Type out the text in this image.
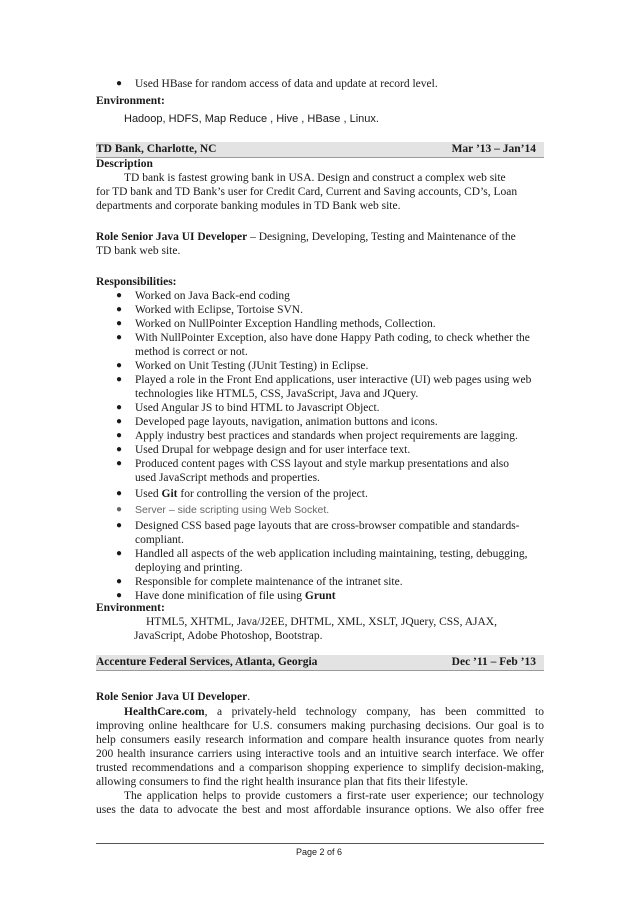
● Used HBase for random access of data and update at record level.
Environment:
Hadoop, HDFS, Map Reduce , Hive , HBase , Linux.
TD Bank, Charlotte, NC	Mar ’13 – Jan’14
Description
TD bank is fastest growing bank in USA. Design and construct a complex web site
for TD bank and TD Bank’s user for Credit Card, Current and Saving accounts, CD’s, Loan
departments and corporate banking modules in TD Bank web site.
Role Senior Java UI Developer – Designing, Developing, Testing and Maintenance of the
TD bank web site.
Responsibilities:
● Worked on Java Back-end coding
● Worked with Eclipse, Tortoise SVN.
● Worked on NullPointer Exception Handling methods, Collection.
● With NullPointer Exception, also have done Happy Path coding, to check whether the
method is correct or not.
● Worked on Unit Testing (JUnit Testing) in Eclipse.
● Played a role in the Front End applications, user interactive (UI) web pages using web
technologies like HTML5, CSS, JavaScript, Java and JQuery.
● Used Angular JS to bind HTML to Javascript Object.
● Developed page layouts, navigation, animation buttons and icons.
● Apply industry best practices and standards when project requirements are lagging.
● Used Drupal for webpage design and for user interface text.
● Produced content pages with CSS layout and style markup presentations and also
used JavaScript methods and properties.
● Used Git for controlling the version of the project.
● Server – side scripting using Web Socket.
● Designed CSS based page layouts that are cross-browser compatible and standards-
compliant.
● Handled all aspects of the web application including maintaining, testing, debugging,
deploying and printing.
● Responsible for complete maintenance of the intranet site.
● Have done minification of file using Grunt
Environment:
HTML5, XHTML, Java/J2EE, DHTML, XML, XSLT, JQuery, CSS, AJAX,
JavaScript, Adobe Photoshop, Bootstrap.
Accenture Federal Services, Atlanta, Georgia	Dec ’11 – Feb ’13
Role Senior Java UI Developer.
HealthCare.com, a privately-held technology company, has been committed to
improving online healthcare for U.S. consumers making purchasing decisions. Our goal is to
help consumers easily research information and compare health insurance quotes from nearly
200 health insurance carriers using interactive tools and an intuitive search interface. We offer
trusted recommendations and a comparison shopping experience to simplify decision-making,
allowing consumers to find the right health insurance plan that fits their lifestyle.
The application helps to provide customers a first-rate user experience; our technology
uses the data to advocate the best and most affordable insurance options. We also offer free
Page 2 of 6
